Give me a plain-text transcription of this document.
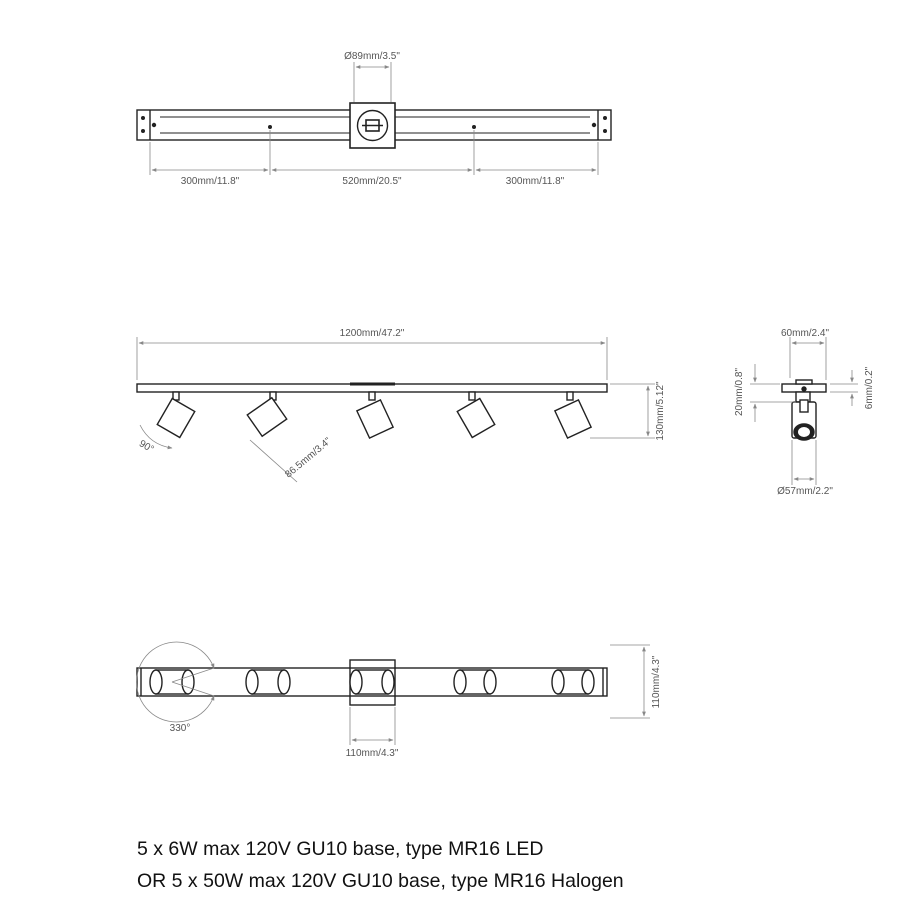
Ø89mm/3.5"
300mm/11.8"	520mm/20.5"	300mm/11.8"
1200mm/47.2"
130mm/5.12"
90°	86.5mm/3.4"
60mm/2.4"
20mm/0.8"	6mm/0.2"
Ø57mm/2.2"
330°
110mm/4.3"
110mm/4.3"

5 x 6W max 120V GU10 base, type MR16 LED

OR 5 x 50W max 120V GU10 base, type MR16 Halogen
